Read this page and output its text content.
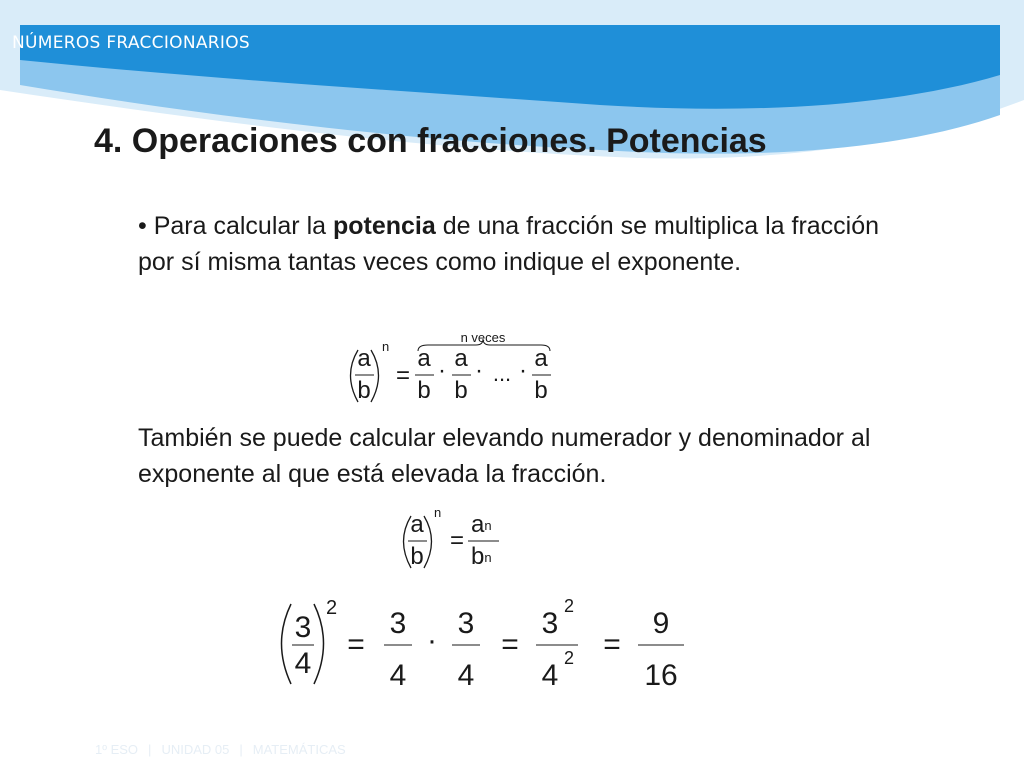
NÚMEROS FRACCIONARIOS
4. Operaciones con fracciones. Potencias

• Para calcular la potencia de una fracción se multiplica la fracción por sí misma tantas veces como indique el exponente.

a
b
n
=
n veces
a
b
· a
b
· ... · a
b

También se puede calcular elevando numerador y denominador al exponente al que está elevada la fracción.

a
b
n
=
an
bn
3
4
2
=
3
4
·
3
4
=
3
2
4
2 =
9
16
1º ESO | UNIDAD 05 | MATEMÁTICAS
